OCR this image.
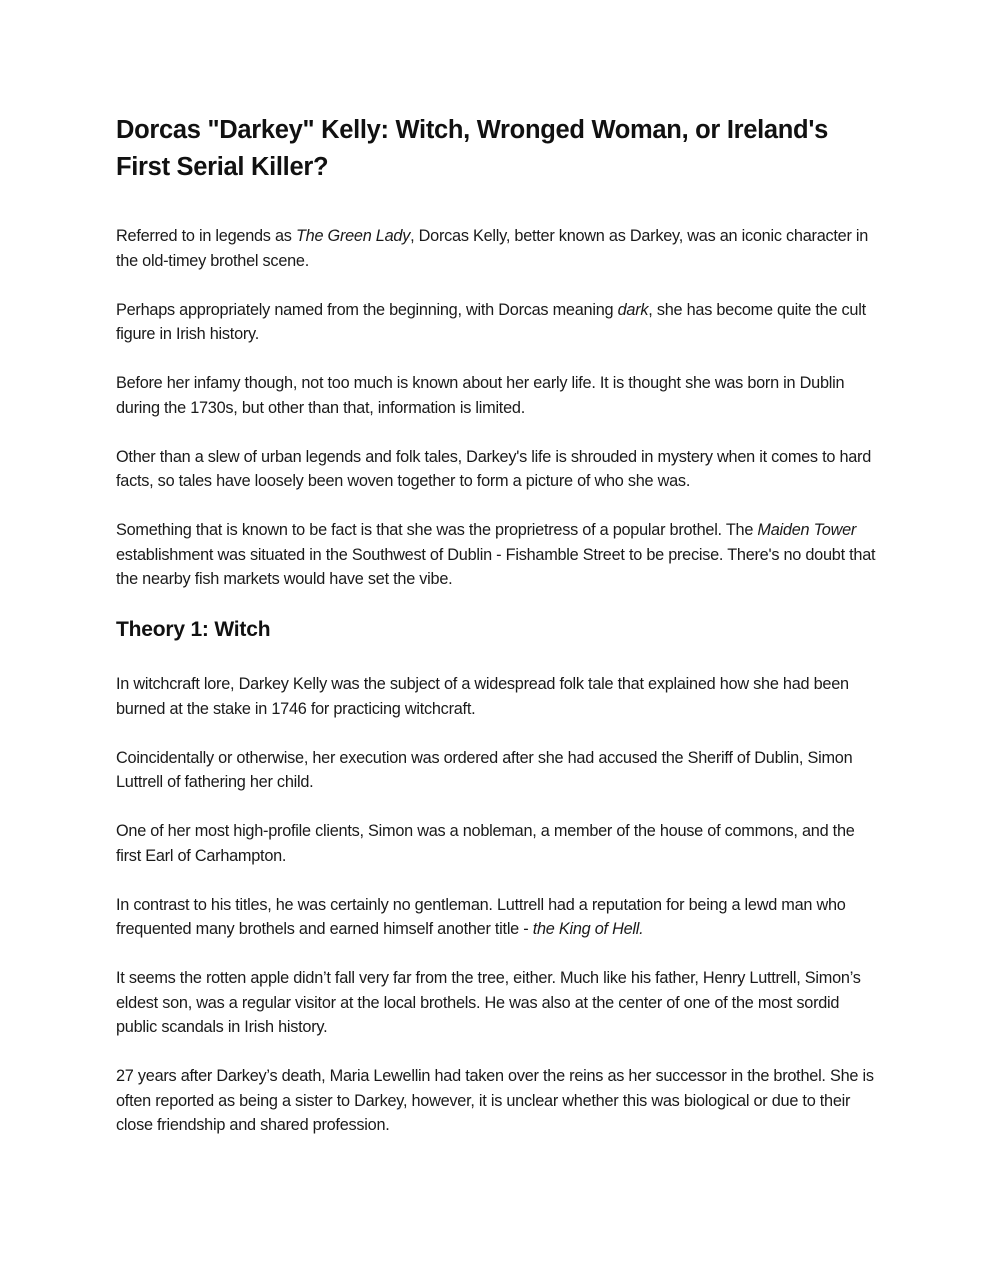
Dorcas "Darkey" Kelly: Witch, Wronged Woman, or Ireland's First Serial Killer?

Referred to in legends as The Green Lady, Dorcas Kelly, better known as Darkey, was an iconic character in the old-timey brothel scene.

Perhaps appropriately named from the beginning, with Dorcas meaning dark, she has become quite the cult figure in Irish history.

Before her infamy though, not too much is known about her early life. It is thought she was born in Dublin during the 1730s, but other than that, information is limited.

Other than a slew of urban legends and folk tales, Darkey's life is shrouded in mystery when it comes to hard facts, so tales have loosely been woven together to form a picture of who she was.

Something that is known to be fact is that she was the proprietress of a popular brothel. The Maiden Tower establishment was situated in the Southwest of Dublin - Fishamble Street to be precise. There's no doubt that the nearby fish markets would have set the vibe.

Theory 1: Witch

In witchcraft lore, Darkey Kelly was the subject of a widespread folk tale that explained how she had been burned at the stake in 1746 for practicing witchcraft.

Coincidentally or otherwise, her execution was ordered after she had accused the Sheriff of Dublin, Simon Luttrell of fathering her child.

One of her most high-profile clients, Simon was a nobleman, a member of the house of commons, and the first Earl of Carhampton.

In contrast to his titles, he was certainly no gentleman. Luttrell had a reputation for being a lewd man who frequented many brothels and earned himself another title - the King of Hell.

It seems the rotten apple didn’t fall very far from the tree, either. Much like his father, Henry Luttrell, Simon’s eldest son, was a regular visitor at the local brothels. He was also at the center of one of the most sordid public scandals in Irish history.

27 years after Darkey’s death, Maria Lewellin had taken over the reins as her successor in the brothel. She is often reported as being a sister to Darkey, however, it is unclear whether this was biological or due to their close friendship and shared profession.
